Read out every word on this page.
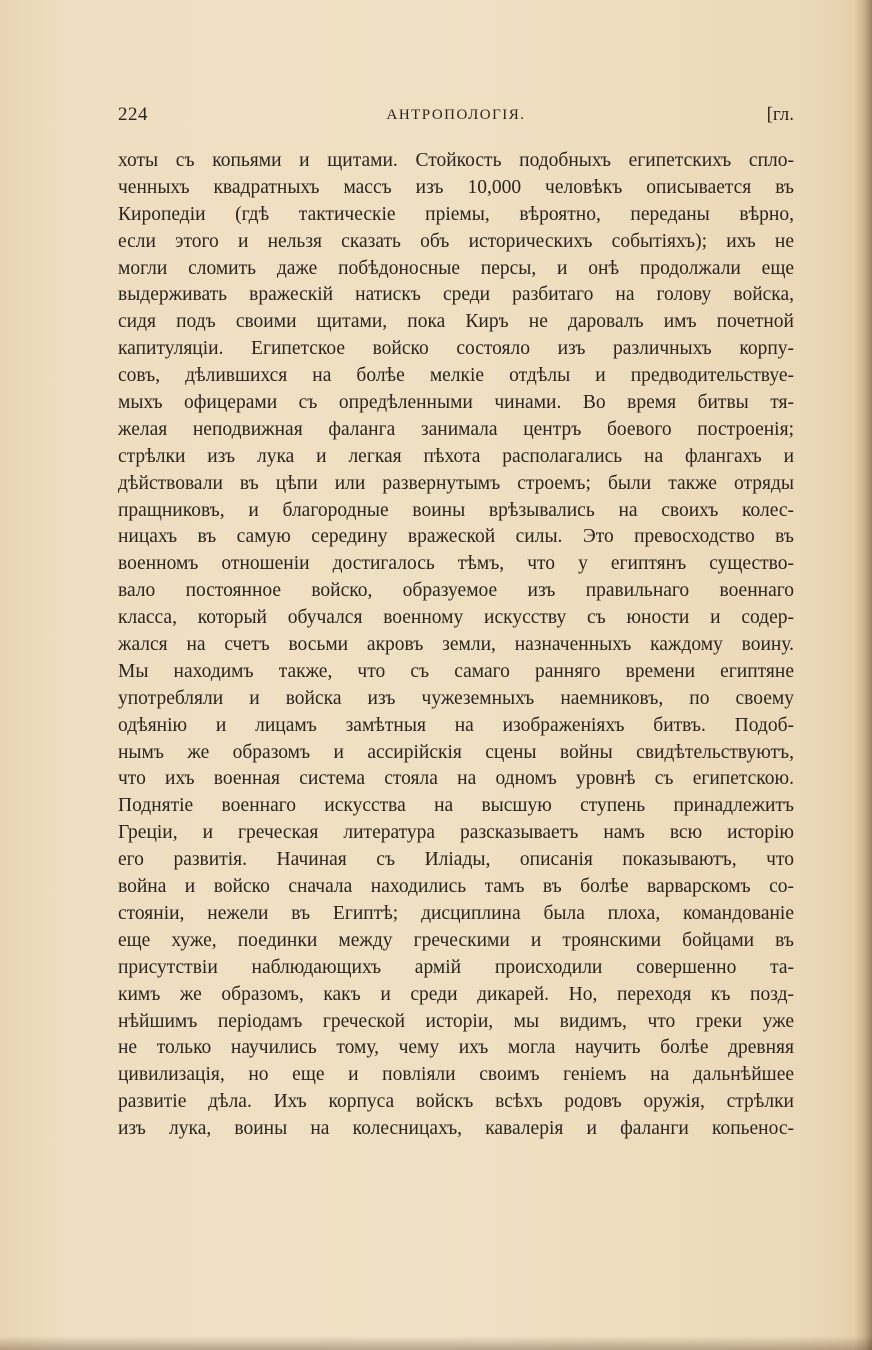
224	АНТРОПОЛОГІЯ.	[гл.
хоты съ копьями и щитами. Стойкость подобныхъ египетскихъ спло-
ченныхъ квадратныхъ массъ изъ 10,000 человѣкъ описывается въ
Киропедіи (гдѣ тактическіе пріемы, вѣроятно, переданы вѣрно,
если этого и нельзя сказать объ историческихъ событіяхъ); ихъ не
могли сломить даже побѣдоносные персы, и онѣ продолжали еще
выдерживать вражескій натискъ среди разбитаго на голову войска,
сидя подъ своими щитами, пока Киръ не даровалъ имъ почетной
капитуляціи. Египетское войско состояло изъ различныхъ корпу-
совъ, дѣлившихся на болѣе мелкіе отдѣлы и предводительствуе-
мыхъ офицерами съ опредѣленными чинами. Во время битвы тя-
желая неподвижная фаланга занимала центръ боевого построенія;
стрѣлки изъ лука и легкая пѣхота располагались на флангахъ и
дѣйствовали въ цѣпи или развернутымъ строемъ; были также отряды
пращниковъ, и благородные воины врѣзывались на своихъ колес-
ницахъ въ самую середину вражеской силы. Это превосходство въ
военномъ отношеніи достигалось тѣмъ, что у египтянъ существо-
вало постоянное войско, образуемое изъ правильнаго военнаго
класса, который обучался военному искусству съ юности и содер-
жался на счетъ восьми акровъ земли, назначенныхъ каждому воину.
Мы находимъ также, что съ самаго ранняго времени египтяне
употребляли и войска изъ чужеземныхъ наемниковъ, по своему
одѣянію и лицамъ замѣтныя на изображеніяхъ битвъ. Подоб-
нымъ же образомъ и ассирійскія сцены войны свидѣтельствуютъ,
что ихъ военная система стояла на одномъ уровнѣ съ египетскою.
Поднятіе военнаго искусства на высшую ступень принадлежитъ
Греціи, и греческая литература разсказываетъ намъ всю исторію
его развитія. Начиная съ Иліады, описанія показываютъ, что
война и войско сначала находились тамъ въ болѣе варварскомъ со-
стояніи, нежели въ Египтѣ; дисциплина была плоха, командованіе
еще хуже, поединки между греческими и троянскими бойцами въ
присутствіи наблюдающихъ армій происходили совершенно та-
кимъ же образомъ, какъ и среди дикарей. Но, переходя къ позд-
нѣйшимъ періодамъ греческой исторіи, мы видимъ, что греки уже
не только научились тому, чему ихъ могла научить болѣе древняя
цивилизація, но еще и повліяли своимъ геніемъ на дальнѣйшее
развитіе дѣла. Ихъ корпуса войскъ всѣхъ родовъ оружія, стрѣлки
изъ лука, воины на колесницахъ, кавалерія и фаланги копьенос-
